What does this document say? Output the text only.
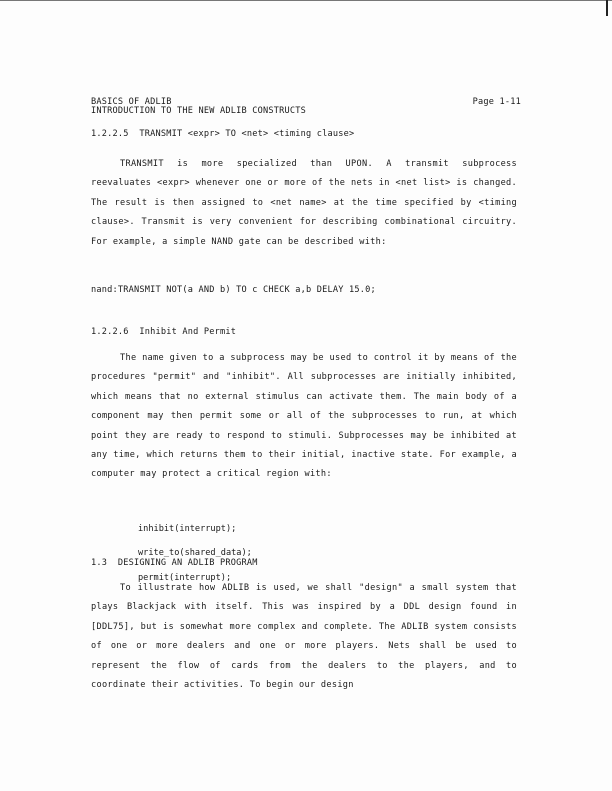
BASICS OF ADLIB
INTRODUCTION TO THE NEW ADLIB CONSTRUCTS
Page 1-11
1.2.2.5  TRANSMIT <expr> TO <net> <timing clause>
TRANSMIT is more specialized than UPON. A transmit subprocess reevaluates <expr> whenever one or more of the nets in <net list> is changed. The result is then assigned to <net name> at the time specified by <timing clause>. Transmit is very convenient for describing combinational circuitry. For example, a simple NAND gate can be described with:
nand:TRANSMIT NOT(a AND b) TO c CHECK a,b DELAY 15.0;
1.2.2.6  Inhibit And Permit
The name given to a subprocess may be used to control it by means of the procedures "permit" and "inhibit". All subprocesses are initially inhibited, which means that no external stimulus can activate them. The main body of a component may then permit some or all of the subprocesses to run, at which point they are ready to respond to stimuli. Subprocesses may be inhibited at any time, which returns them to their initial, inactive state. For example, a computer may protect a critical region with:

inhibit(interrupt);

write_to(shared_data);

permit(interrupt);

1.3  DESIGNING AN ADLIB PROGRAM
To illustrate how ADLIB is used, we shall "design" a small system that plays Blackjack with itself. This was inspired by a DDL design found in [DDL75], but is somewhat more complex and complete. The ADLIB system consists of one or more dealers and one or more players. Nets shall be used to represent the flow of cards from the dealers to the players, and to coordinate their activities. To begin our design
